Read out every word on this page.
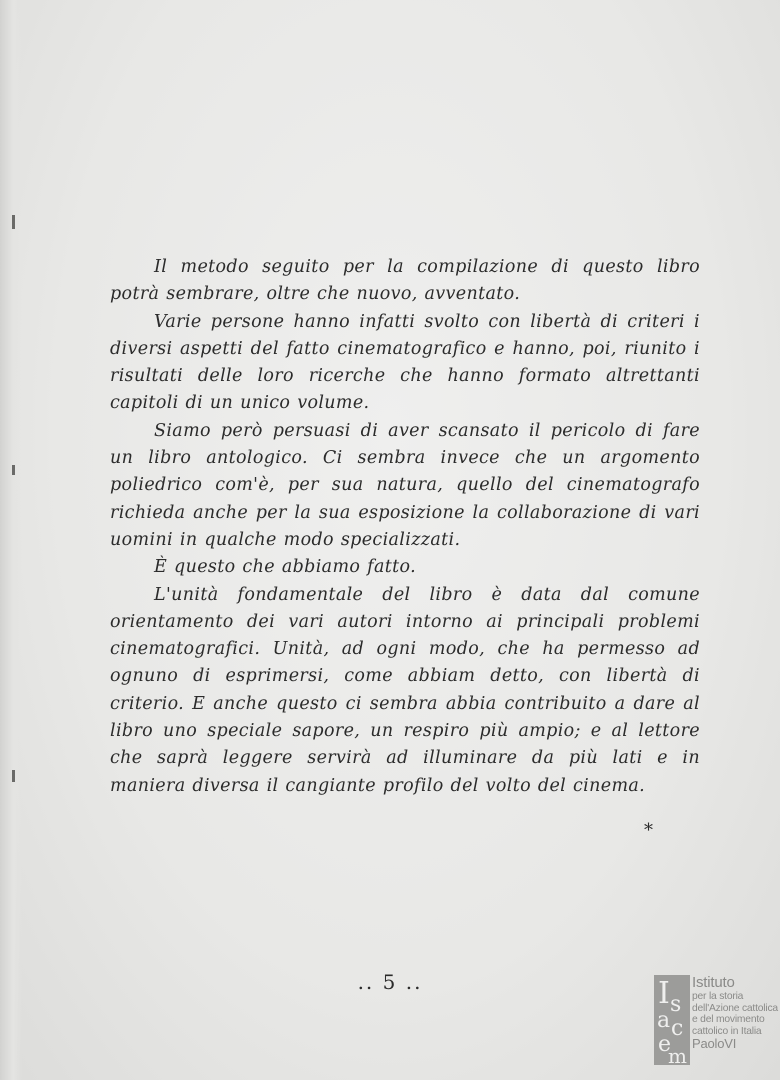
Il metodo seguito per la compilazione di questo libro potrà sembrare, oltre che nuovo, avventato.

Varie persone hanno infatti svolto con libertà di criteri i diversi aspetti del fatto cinematografico e hanno, poi, riunito i risultati delle loro ricerche che hanno formato altrettanti capitoli di un unico volume.

Siamo però persuasi di aver scansato il pericolo di fare un libro antologico. Ci sembra invece che un argomento poliedrico com'è, per sua natura, quello del cinematografo richieda anche per la sua esposizione la collaborazione di vari uomini in qualche modo specializzati.

È questo che abbiamo fatto.

L'unità fondamentale del libro è data dal comune orientamento dei vari autori intorno ai principali problemi cinematografici. Unità, ad ogni modo, che ha permesso ad ognuno di esprimersi, come abbiam detto, con libertà di criterio. E anche questo ci sembra abbia contribuito a dare al libro uno speciale sapore, un respiro più ampio; e al lettore che saprà leggere servirà ad illuminare da più lati e in maniera diversa il cangiante profilo del volto del cinema.

*
.. 5 ..	I s
a c
e
m
Istituto
per la storia
dell'Azione cattolica
e del movimento
cattolico in Italia
PaoloVI
